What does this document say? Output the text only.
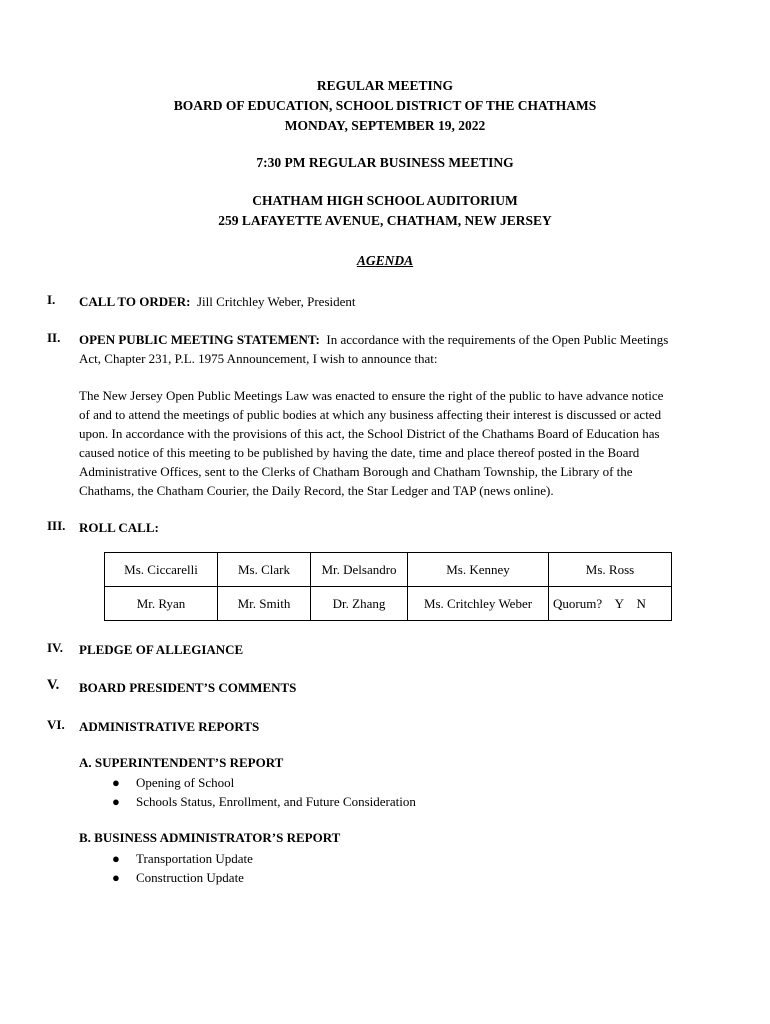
REGULAR MEETING
BOARD OF EDUCATION, SCHOOL DISTRICT OF THE CHATHAMS
MONDAY, SEPTEMBER 19, 2022
7:30 PM REGULAR BUSINESS MEETING
CHATHAM HIGH SCHOOL AUDITORIUM
259 LAFAYETTE AVENUE, CHATHAM, NEW JERSEY
AGENDA
I. CALL TO ORDER: Jill Critchley Weber, President
II. OPEN PUBLIC MEETING STATEMENT: In accordance with the requirements of the Open Public Meetings
Act, Chapter 231, P.L. 1975 Announcement, I wish to announce that:
The New Jersey Open Public Meetings Law was enacted to ensure the right of the public to have advance notice
of and to attend the meetings of public bodies at which any business affecting their interest is discussed or acted
upon. In accordance with the provisions of this act, the School District of the Chathams Board of Education has
caused notice of this meeting to be published by having the date, time and place thereof posted in the Board
Administrative Offices, sent to the Clerks of Chatham Borough and Chatham Township, the Library of the
Chathams, the Chatham Courier, the Daily Record, the Star Ledger and TAP (news online).
III. ROLL CALL:
Ms. Ciccarelli	Ms. Clark	Mr. Delsandro	Ms. Kenney	Ms. Ross
Mr. Ryan	Mr. Smith	Dr. Zhang	Ms. Critchley Weber	Quorum?    Y    N
IV. PLEDGE OF ALLEGIANCE
V. BOARD PRESIDENT’S COMMENTS
VI. ADMINISTRATIVE REPORTS
A. SUPERINTENDENT’S REPORT
● Opening of School
● Schools Status, Enrollment, and Future Consideration
B. BUSINESS ADMINISTRATOR’S REPORT
● Transportation Update
● Construction Update
